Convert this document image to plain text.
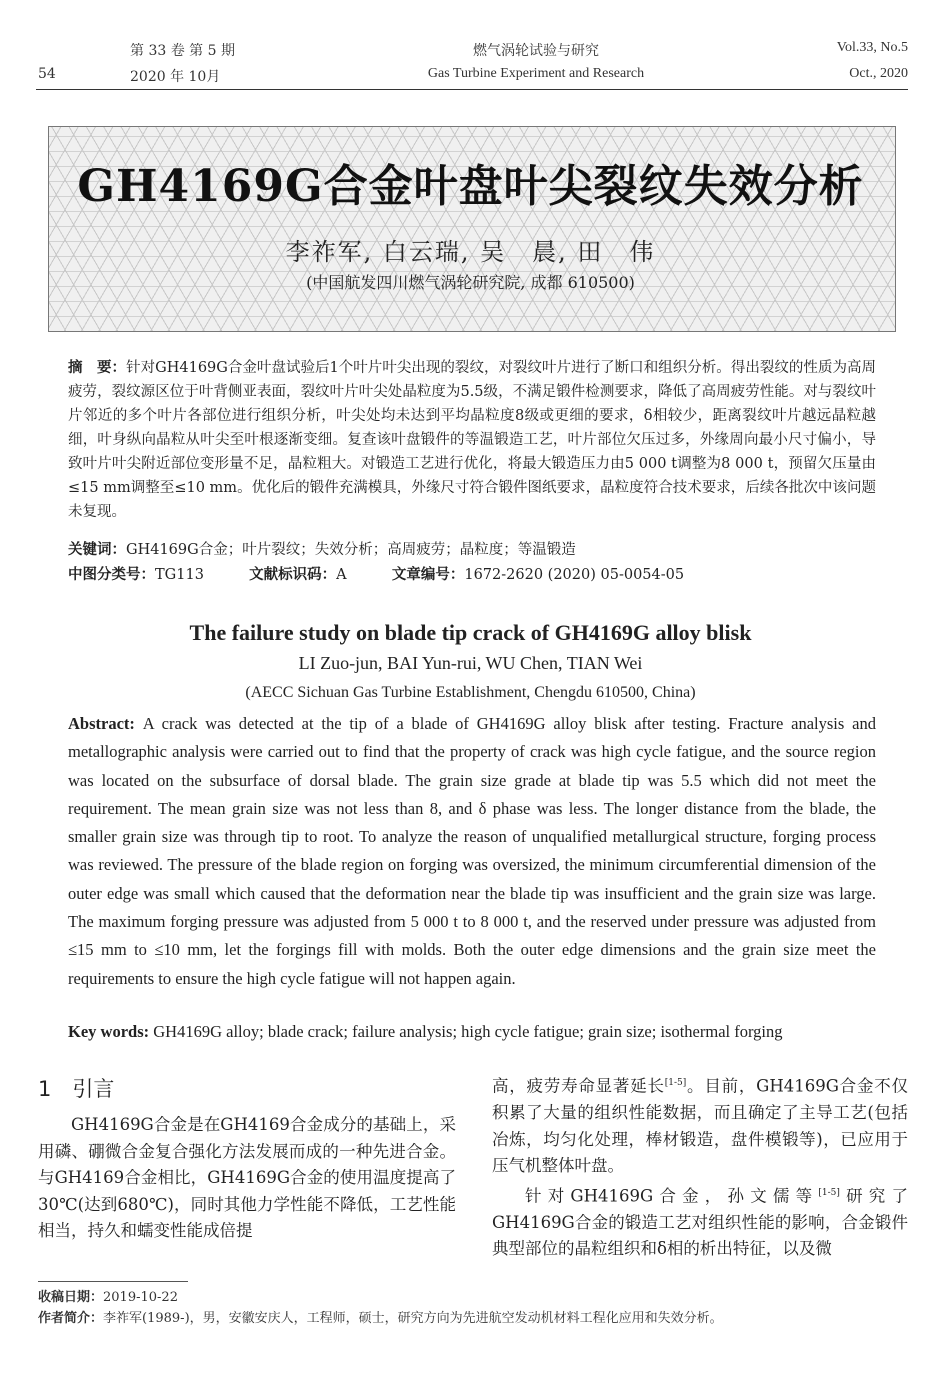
54
第 33 卷 第 5 期
2020 年 10月
燃气涡轮试验与研究
Gas Turbine Experiment and Research
Vol.33, No.5
Oct., 2020
GH4169G合金叶盘叶尖裂纹失效分析
李祚军, 白云瑞, 吴　晨, 田　伟
(中国航发四川燃气涡轮研究院, 成都 610500)
摘　要：针对GH4169G合金叶盘试验后1个叶片叶尖出现的裂纹，对裂纹叶片进行了断口和组织分析。得出裂纹的性质为高周疲劳，裂纹源区位于叶背侧亚表面，裂纹叶片叶尖处晶粒度为5.5级，不满足锻件检测要求，降低了高周疲劳性能。对与裂纹叶片邻近的多个叶片各部位进行组织分析，叶尖处均未达到平均晶粒度8级或更细的要求，δ相较少，距离裂纹叶片越远晶粒越细，叶身纵向晶粒从叶尖至叶根逐渐变细。复查该叶盘锻件的等温锻造工艺，叶片部位欠压过多，外缘周向最小尺寸偏小，导致叶片叶尖附近部位变形量不足，晶粒粗大。对锻造工艺进行优化，将最大锻造压力由5 000 t调整为8 000 t，预留欠压量由≤15 mm调整至≤10 mm。优化后的锻件充满模具，外缘尺寸符合锻件图纸要求，晶粒度符合技术要求，后续各批次中该问题未复现。
关键词：GH4169G合金；叶片裂纹；失效分析；高周疲劳；晶粒度；等温锻造
中图分类号：TG113	文献标识码：A	文章编号：1672-2620 (2020) 05-0054-05
The failure study on blade tip crack of GH4169G alloy blisk
LI Zuo-jun, BAI Yun-rui, WU Chen, TIAN Wei
(AECC Sichuan Gas Turbine Establishment, Chengdu 610500, China)
Abstract: A crack was detected at the tip of a blade of GH4169G alloy blisk after testing. Fracture analysis and metallographic analysis were carried out to find that the property of crack was high cycle fatigue, and the source region was located on the subsurface of dorsal blade. The grain size grade at blade tip was 5.5 which did not meet the requirement. The mean grain size was not less than 8, and δ phase was less. The longer distance from the blade, the smaller grain size was through tip to root. To analyze the reason of unqualified metallurgical structure, forging process was reviewed. The pressure of the blade region on forging was oversized, the minimum circumferential dimension of the outer edge was small which caused that the deformation near the blade tip was insufficient and the grain size was large. The maximum forging pressure was adjusted from 5 000 t to 8 000 t, and the reserved under pressure was adjusted from ≤15 mm to ≤10 mm, let the forgings fill with molds. Both the outer edge dimensions and the grain size meet the requirements to ensure the high cycle fatigue will not happen again.
Key words: GH4169G alloy; blade crack; failure analysis; high cycle fatigue; grain size; isothermal forging
1　引言
GH4169G合金是在GH4169合金成分的基础上，采用磷、硼微合金复合强化方法发展而成的一种先进合金。与GH4169合金相比，GH4169G合金的使用温度提高了30℃(达到680℃)，同时其他力学性能不降低，工艺性能相当，持久和蠕变性能成倍提
高，疲劳寿命显著延长[1-5]。目前，GH4169G合金不仅积累了大量的组织性能数据，而且确定了主导工艺(包括冶炼，均匀化处理，棒材锻造，盘件模锻等)，已应用于压气机整体叶盘。
针对GH4169G合金，孙文儒等[1-5]研究了GH4169G合金的锻造工艺对组织性能的影响，合金锻件典型部位的晶粒组织和δ相的析出特征，以及微
收稿日期：2019-10-22
作者简介：李祚军(1989-)，男，安徽安庆人，工程师，硕士，研究方向为先进航空发动机材料工程化应用和失效分析。
